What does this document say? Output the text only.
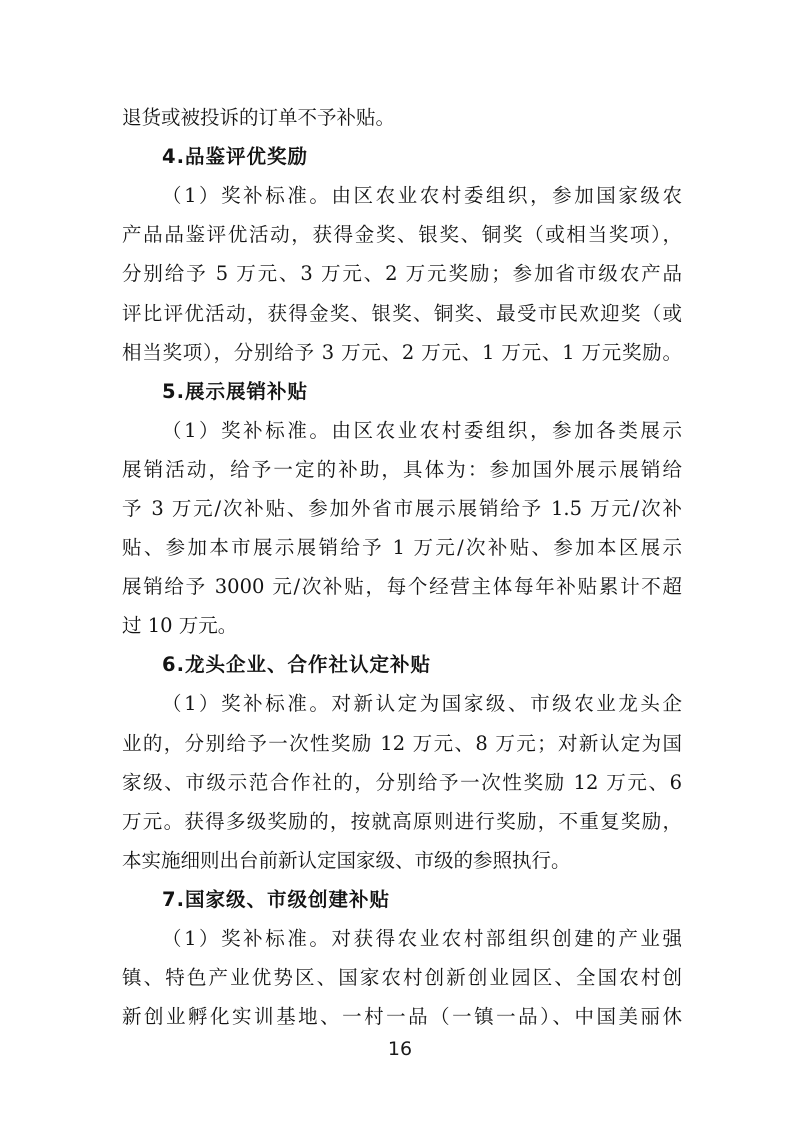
退货或被投诉的订单不予补贴。
4.品鉴评优奖励
（1）奖补标准。由区农业农村委组织，参加国家级农
产品品鉴评优活动，获得金奖、银奖、铜奖（或相当奖项），
分别给予 5 万元、3 万元、2 万元奖励；参加省市级农产品
评比评优活动，获得金奖、银奖、铜奖、最受市民欢迎奖（或
相当奖项），分别给予 3 万元、2 万元、1 万元、1 万元奖励。
5.展示展销补贴
（1）奖补标准。由区农业农村委组织，参加各类展示
展销活动，给予一定的补助，具体为：参加国外展示展销给
予 3 万元/次补贴、参加外省市展示展销给予 1.5 万元/次补
贴、参加本市展示展销给予 1 万元/次补贴、参加本区展示
展销给予 3000 元/次补贴，每个经营主体每年补贴累计不超
过 10 万元。
6.龙头企业、合作社认定补贴
（1）奖补标准。对新认定为国家级、市级农业龙头企
业的，分别给予一次性奖励 12 万元、8 万元；对新认定为国
家级、市级示范合作社的，分别给予一次性奖励 12 万元、6
万元。获得多级奖励的，按就高原则进行奖励，不重复奖励，
本实施细则出台前新认定国家级、市级的参照执行。
7.国家级、市级创建补贴
（1）奖补标准。对获得农业农村部组织创建的产业强
镇、特色产业优势区、国家农村创新创业园区、全国农村创
16
新创业孵化实训基地、一村一品（一镇一品）、中国美丽休
